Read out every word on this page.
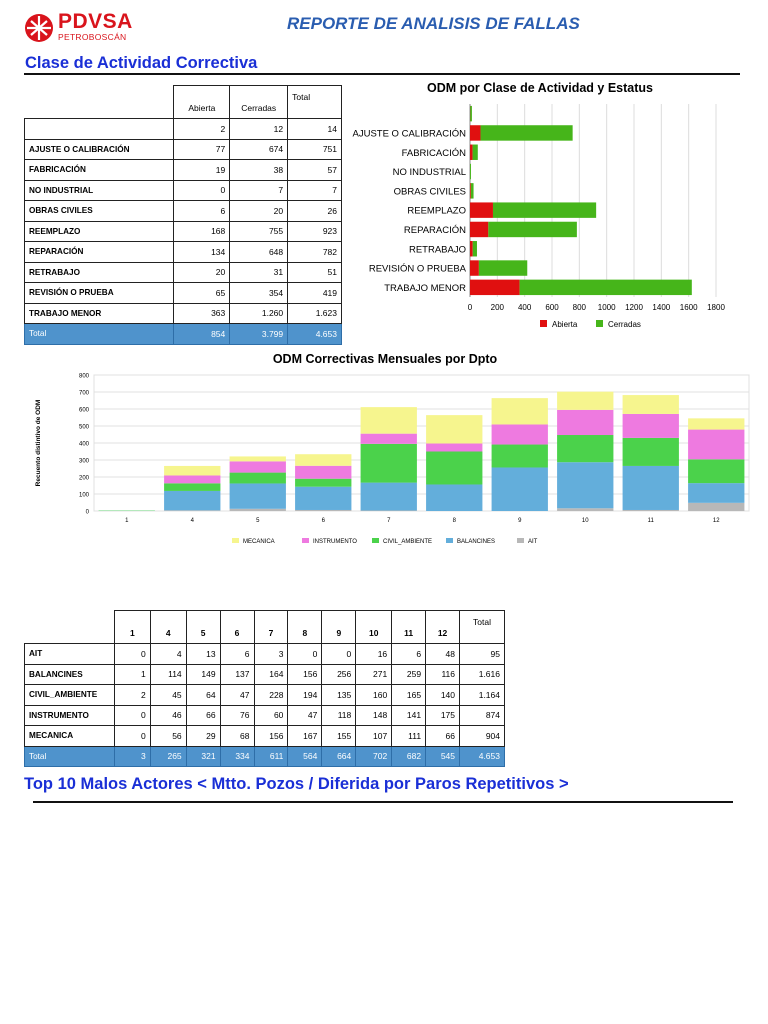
PDVSA
PETROBOSCÁN
REPORTE DE ANALISIS DE FALLAS
Clase de Actividad Correctiva
	Abierta	Cerradas	Total
	2	12	14
AJUSTE O CALIBRACIÓN	77	674	751
FABRICACIÓN	19	38	57
NO INDUSTRIAL	0	7	7
OBRAS CIVILES	6	20	26
REEMPLAZO	168	755	923
REPARACIÓN	134	648	782
RETRABAJO	20	31	51
REVISIÓN O PRUEBA	65	354	419
TRABAJO MENOR	363	1.260	1.623
Total	854	3.799	4.653
ODM por Clase de Actividad y Estatus
0 200 400 600 800 1000 1200 1400 1600 1800
AJUSTE O CALIBRACIÓN
FABRICACIÓN
NO INDUSTRIAL
OBRAS CIVILES
REEMPLAZO
REPARACIÓN
RETRABAJO
REVISIÓN O PRUEBA
TRABAJO MENOR
Abierta	Cerradas
ODM Correctivas Mensuales por Dpto
0
100
200
300
400
500
600
700
800
Recuento distintivo de ODM
1	4	5	6	7	8	9	10	11	12
MECANICA	INSTRUMENTO	CIVIL_AMBIENTE	BALANCINES	AIT
	1	4	5	6	7	8	9	10	11	12	Total
AIT	0	4	13	6	3	0	0	16	6	48	95
BALANCINES	1	114	149	137	164	156	256	271	259	116	1.616
CIVIL_AMBIENTE	2	45	64	47	228	194	135	160	165	140	1.164
INSTRUMENTO	0	46	66	76	60	47	118	148	141	175	874
MECANICA	0	56	29	68	156	167	155	107	111	66	904
Total	3	265	321	334	611	564	664	702	682	545	4.653
Top 10 Malos Actores < Mtto. Pozos / Diferida por Paros Repetitivos >
